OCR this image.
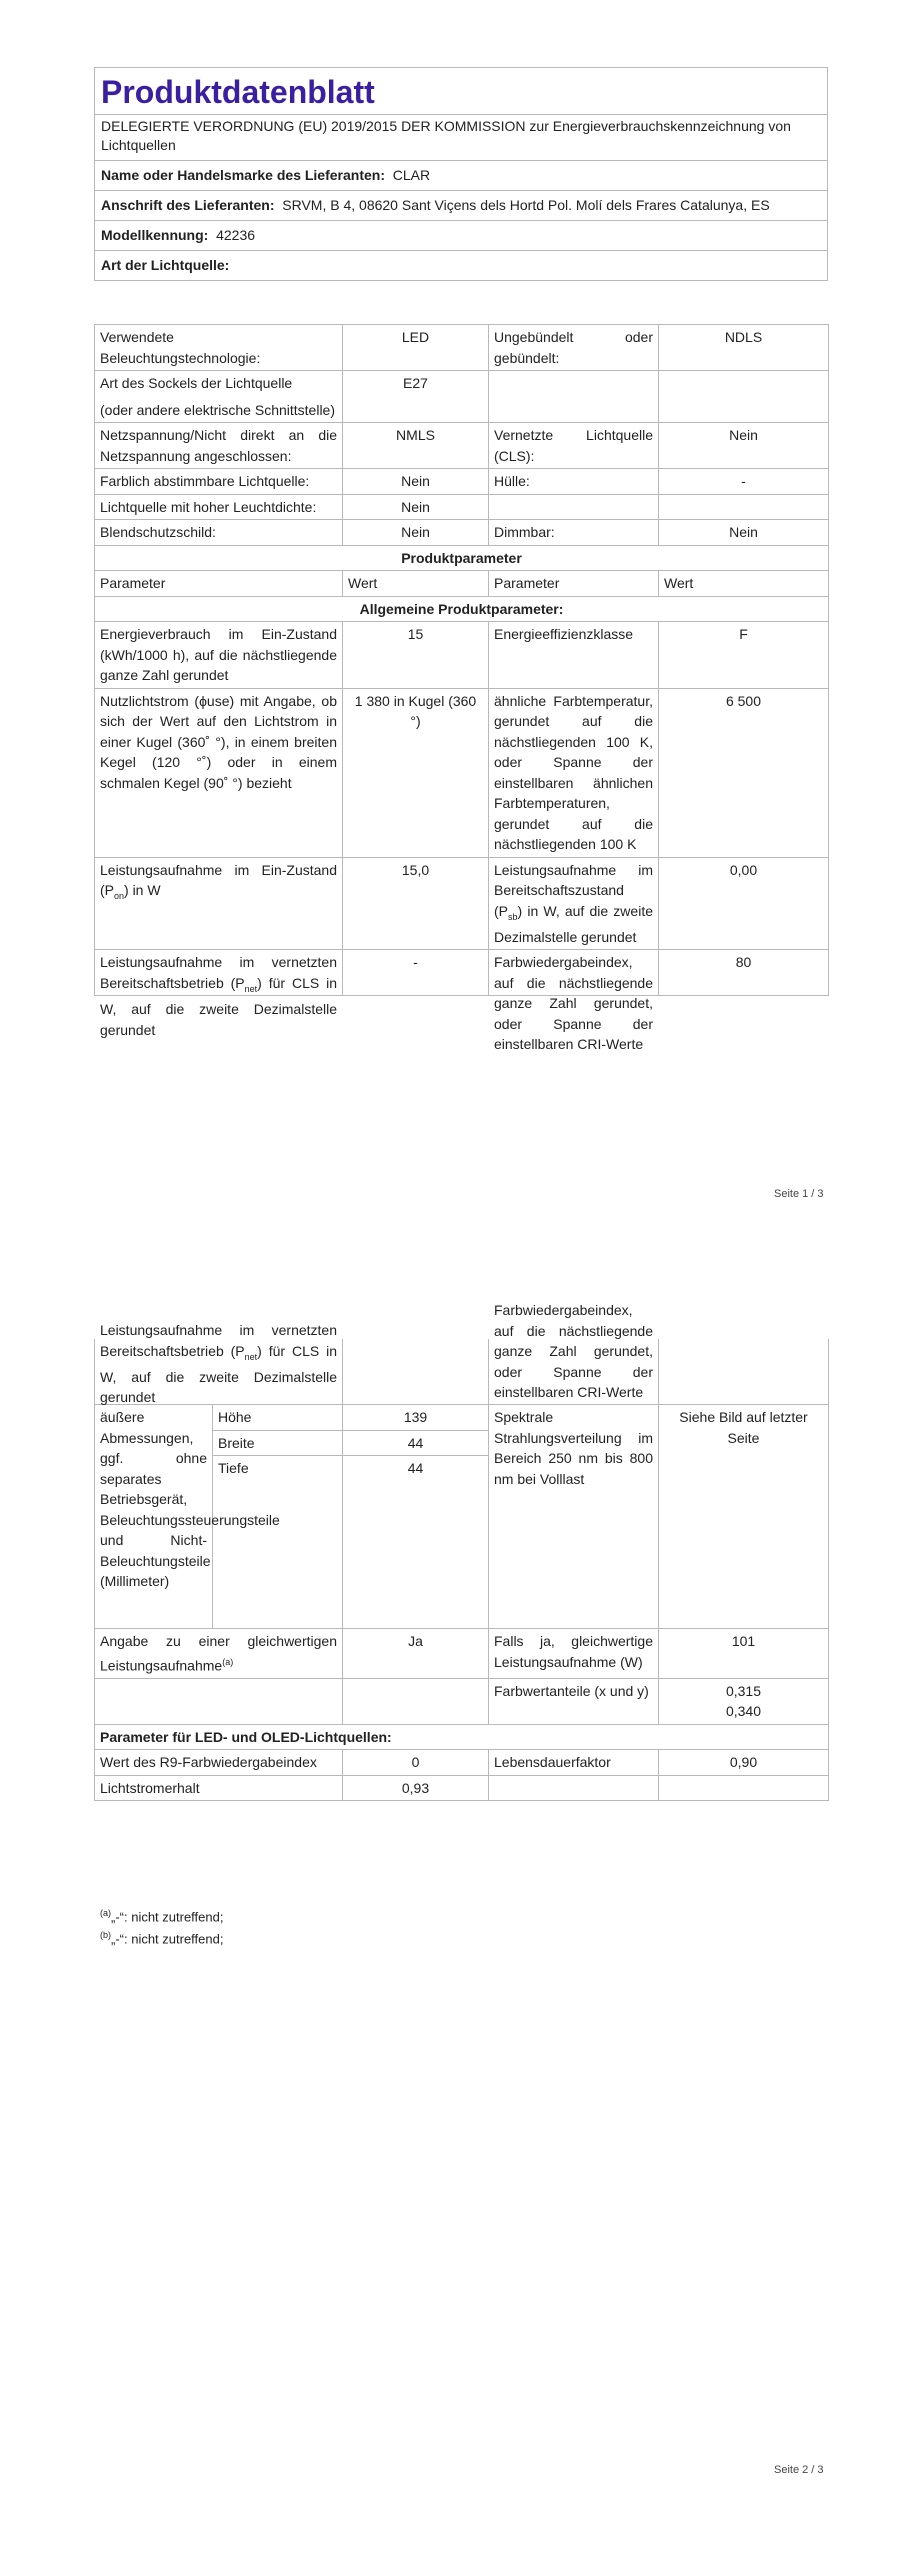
Produktdatenblatt
DELEGIERTE VERORDNUNG (EU) 2019/2015 DER KOMMISSION zur Energieverbrauchskennzeichnung von Lichtquellen
Name oder Handelsmarke des Lieferanten: CLAR
Anschrift des Lieferanten: SRVM, B 4, 08620 Sant Viçens dels Hortd Pol. Molí dels Frares Catalunya, ES
Modellkennung: 42236
Art der Lichtquelle:
Verwendete Beleuchtungstechnologie:	LED	Ungebündelt oder gebündelt:	NDLS

Art des Sockels der Lichtquelle
(oder andere elektrische Schnittstelle)	E27		
Netzspannung/Nicht direkt an die Netzspannung angeschlossen:	NMLS	Vernetzte Lichtquelle (CLS):	Nein
Farblich abstimmbare Lichtquelle:	Nein	Hülle:	-
Lichtquelle mit hoher Leuchtdichte:	Nein		
Blendschutzschild:	Nein	Dimmbar:	Nein
Produktparameter			
Parameter	Wert	Parameter	Wert
Allgemeine Produktparameter:			
Energieverbrauch im Ein-Zustand (kWh/1000 h), auf die nächstliegende ganze Zahl gerundet	15	Energieeffizienzklasse	F
Nutzlichtstrom (ϕuse) mit Angabe, ob sich der Wert auf den Lichtstrom in einer Kugel (360˚ °), in einem breiten Kegel (120 °˚) oder in einem schmalen Kegel (90˚ °) bezieht	1 380 in Kugel (360 °)	ähnliche Farbtemperatur, gerundet auf die nächstliegenden 100 K, oder Spanne der einstellbaren ähnlichen Farbtemperaturen, gerundet auf die nächstliegenden 100 K	6 500
Leistungsaufnahme im Ein-Zustand $(P_{on})$ in W	15,0	Leistungsaufnahme im Bereitschaftszustand $(P_{sb})$ in W, auf die zweite Dezimalstelle gerundet	0,00

Leistungsaufnahme im vernetzten Bereitschaftsbetrieb $(P_{net})$ für CLS in W, auf die zweite Dezimalstelle gerundet	-	Farbwiedergabeindex, auf die nächstliegende ganze Zahl gerundet, oder Spanne der einstellbaren CRI-Werte	80
Seite 1 / 3
Leistungsaufnahme im vernetzten Bereitschaftsbetrieb $(P_{net})$ für CLS in W, auf die zweite Dezimalstelle gerundet			Farbwiedergabeindex, auf die nächstliegende ganze Zahl gerundet, oder Spanne der einstellbaren CRI-Werte	

äußere Abmessungen, ggf. ohne separates Betriebsgerät, Beleuchtungssteuerungsteile und Nicht-Beleuchtungsteile (Millimeter)	Höhe	139	Spektrale Strahlungsverteilung im Bereich 250 nm bis 800 nm bei Volllast	Siehe Bild auf letzter Seite
	Breite	44		
	Tiefe	44		
Angabe zu einer gleichwertigen Leistungsaufnahme$^{(a)}$		Ja	Falls ja, gleichwertige Leistungsaufnahme (W)	101
			Farbwertanteile (x und y)	0,315
0,340

Parameter für LED- und OLED-Lichtquellen:				
Wert des R9-Farbwiedergabeindex		0	Lebensdauerfaktor	0,90
Lichtstromerhalt		0,93		
$^{(a)}$„-“: nicht zutreffend;
$^{(b)}$„-“: nicht zutreffend;
Seite 2 / 3
